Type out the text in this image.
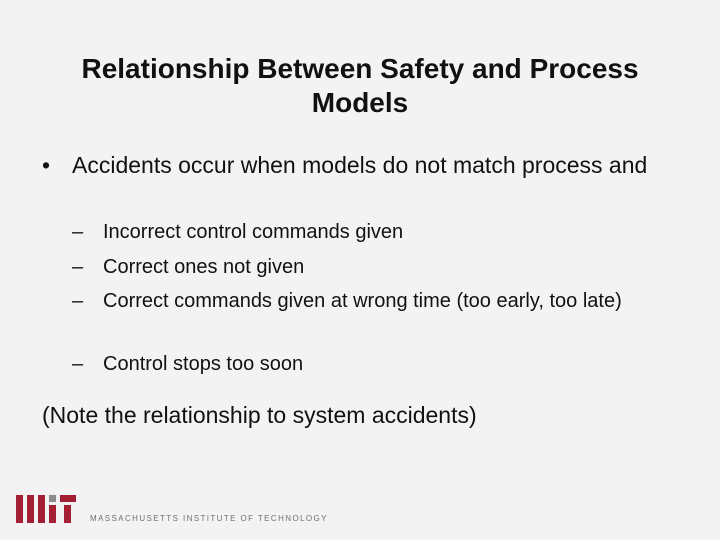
Relationship Between Safety and Process Models
• Accidents occur when models do not match process and
– Incorrect control commands given
– Correct ones not given
– Correct commands given at wrong time (too early, too late)
– Control stops too soon
(Note the relationship to system accidents)
MASSACHUSETTS INSTITUTE OF TECHNOLOGY
